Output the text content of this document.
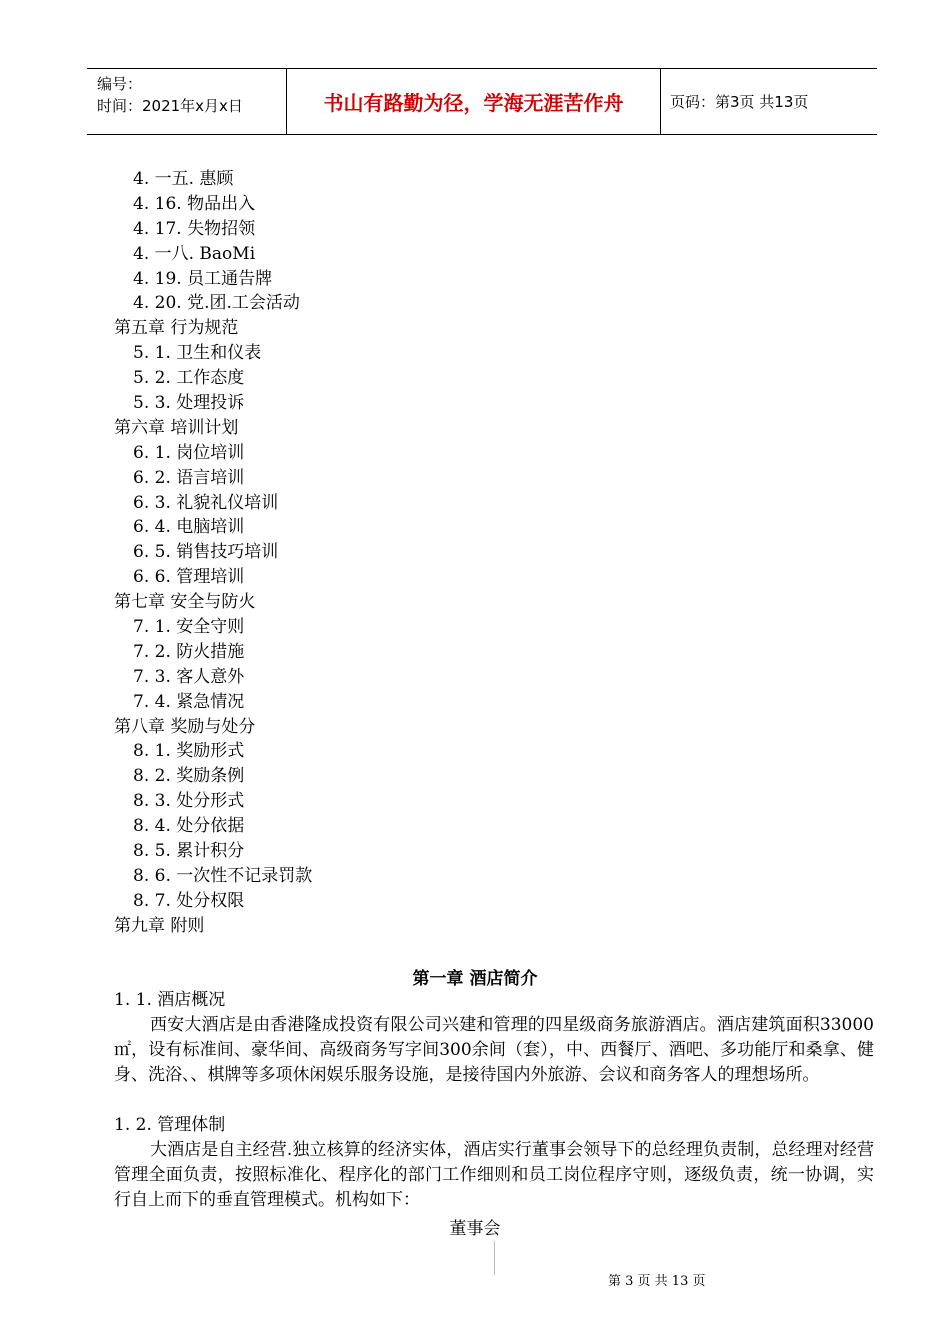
编号：
时间：2021年x月x日	书山有路勤为径，学海无涯苦作舟	页码：第3页 共13页
4. 一五. 惠顾
4. 16. 物品出入
4. 17. 失物招领
4. 一八. BaoMi
4. 19. 员工通告牌
4. 20. 党.团.工会活动
第五章 行为规范
5. 1. 卫生和仪表
5. 2. 工作态度
5. 3. 处理投诉
第六章 培训计划
6. 1. 岗位培训
6. 2. 语言培训
6. 3. 礼貌礼仪培训
6. 4. 电脑培训
6. 5. 销售技巧培训
6. 6. 管理培训
第七章 安全与防火
7. 1. 安全守则
7. 2. 防火措施
7. 3. 客人意外
7. 4. 紧急情况
第八章 奖励与处分
8. 1. 奖励形式
8. 2. 奖励条例
8. 3. 处分形式
8. 4. 处分依据
8. 5. 累计积分
8. 6. 一次性不记录罚款
8. 7. 处分权限
第九章 附则
第一章 酒店简介
1. 1. 酒店概况
西安大酒店是由香港隆成投资有限公司兴建和管理的四星级商务旅游酒店。酒店建筑面积33000㎡，设有标准间、豪华间、高级商务写字间300余间（套），中、西餐厅、酒吧、多功能厅和桑拿、健身、洗浴、、棋牌等多项休闲娱乐服务设施，是接待国内外旅游、会议和商务客人的理想场所。
1. 2. 管理体制
大酒店是自主经营.独立核算的经济实体，酒店实行董事会领导下的总经理负责制，总经理对经营管理全面负责，按照标准化、程序化的部门工作细则和员工岗位程序守则，逐级负责，统一协调，实行自上而下的垂直管理模式。机构如下：
董事会
第 3 页 共 13 页
